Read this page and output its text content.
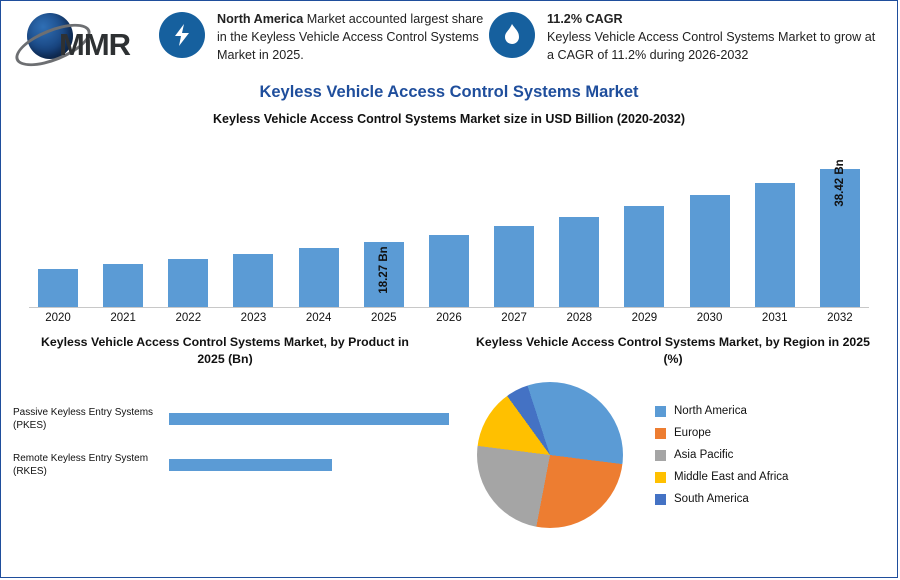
MMR
North America Market accounted largest share in the Keyless Vehicle Access Control Systems Market in 2025.
11.2% CAGR
Keyless Vehicle Access Control Systems Market to grow at a CAGR of 11.2% during 2026-2032
Keyless Vehicle Access Control Systems Market
Keyless Vehicle Access Control Systems Market size in USD Billion (2020-2032)
18.27 Bn
38.42 Bn
2020	2021	2022	2023	2024	2025	2026	2027	2028	2029	2030	2031	2032
Keyless Vehicle Access Control Systems Market, by Product in 2025 (Bn)
Passive Keyless Entry Systems (PKES)
Remote Keyless Entry System (RKES)
Keyless Vehicle Access Control Systems Market, by Region in 2025 (%)
North America
Europe
Asia Pacific
Middle East and Africa
South America
